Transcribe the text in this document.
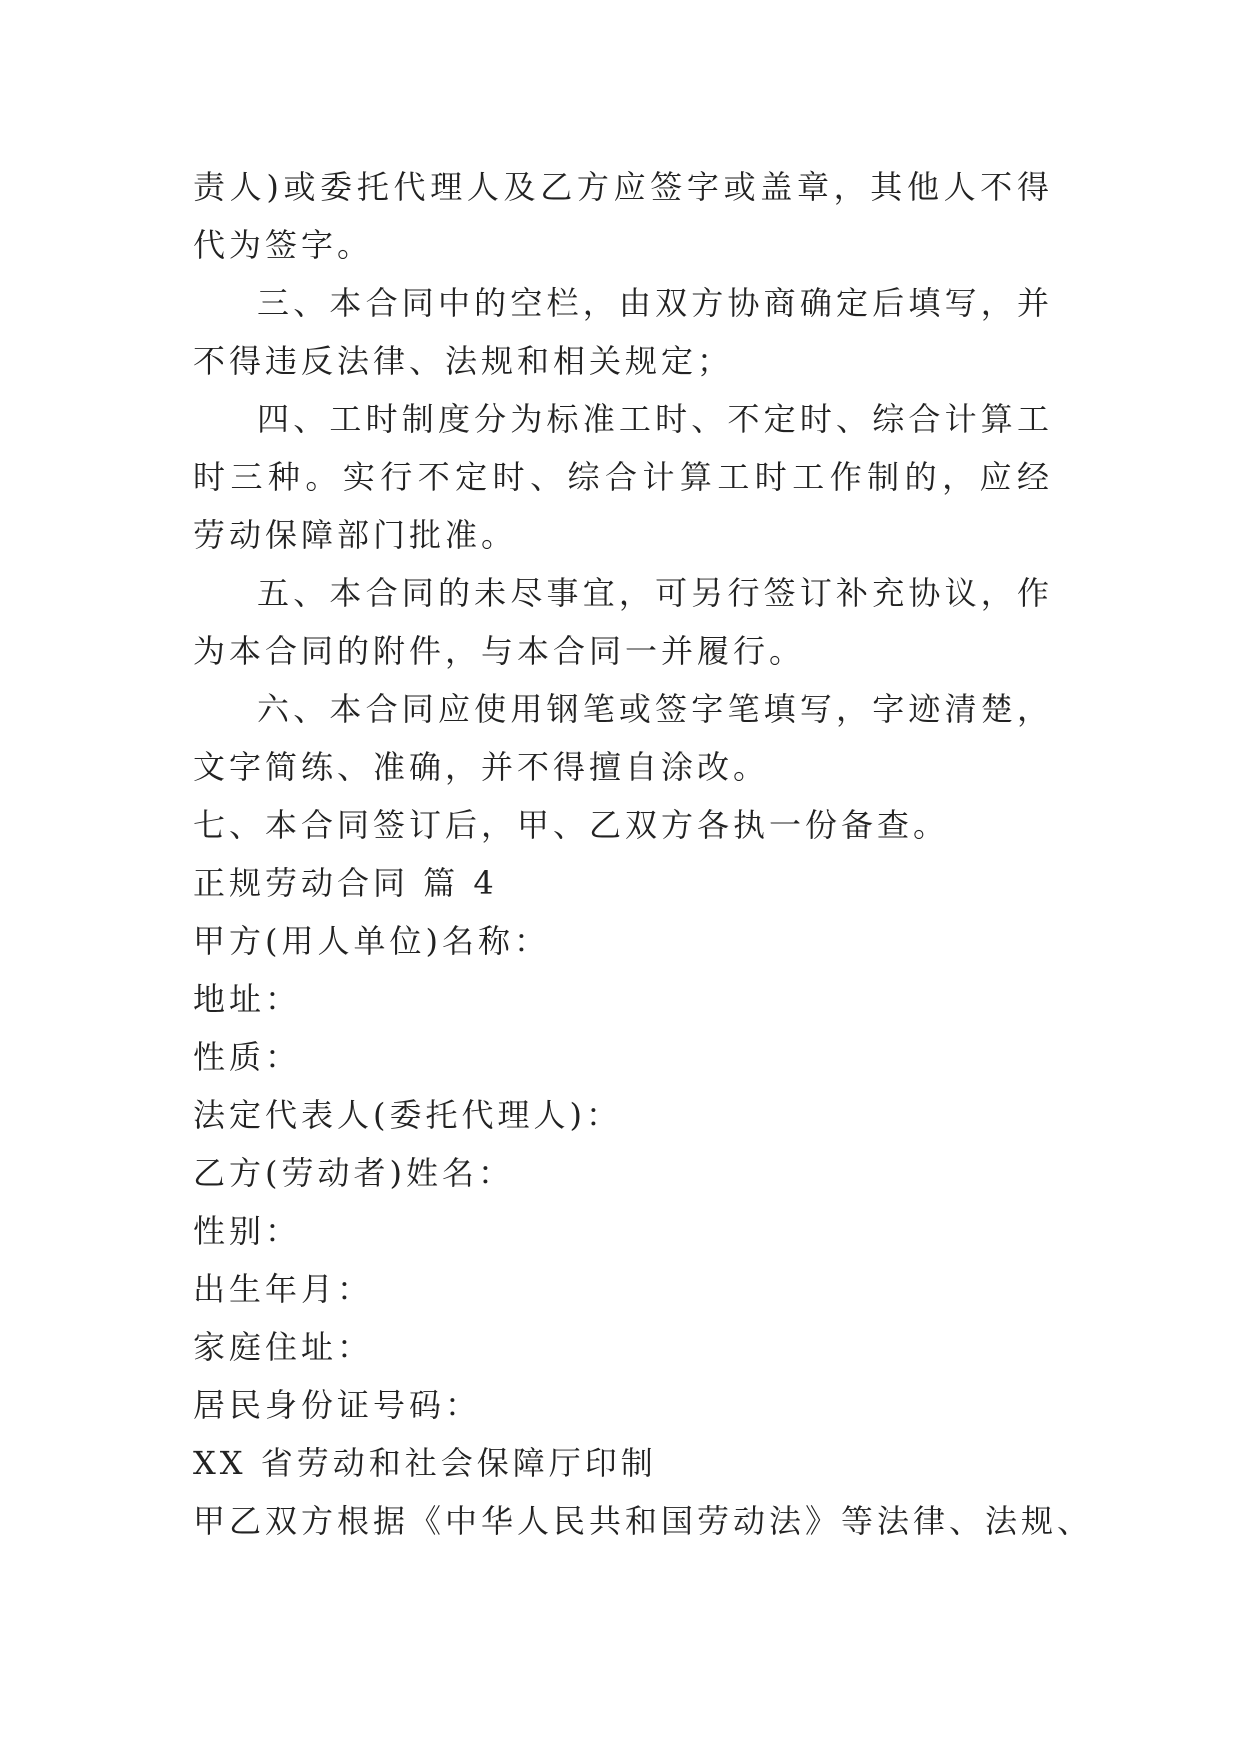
责人)或委托代理人及乙方应签字或盖章，其他人不得代为签字。

三、本合同中的空栏，由双方协商确定后填写，并不得违反法律、法规和相关规定；

四、工时制度分为标准工时、不定时、综合计算工时三种。实行不定时、综合计算工时工作制的，应经劳动保障部门批准。

五、本合同的未尽事宜，可另行签订补充协议，作为本合同的附件，与本合同一并履行。

六、本合同应使用钢笔或签字笔填写，字迹清楚，文字简练、准确，并不得擅自涂改。

七、本合同签订后，甲、乙双方各执一份备查。

正规劳动合同 篇 4

甲方(用人单位)名称：

地址：

性质：

法定代表人(委托代理人)：

乙方(劳动者)姓名：

性别：

出生年月：

家庭住址：

居民身份证号码：

XX 省劳动和社会保障厅印制

甲乙双方根据《中华人民共和国劳动法》等法律、法规、
